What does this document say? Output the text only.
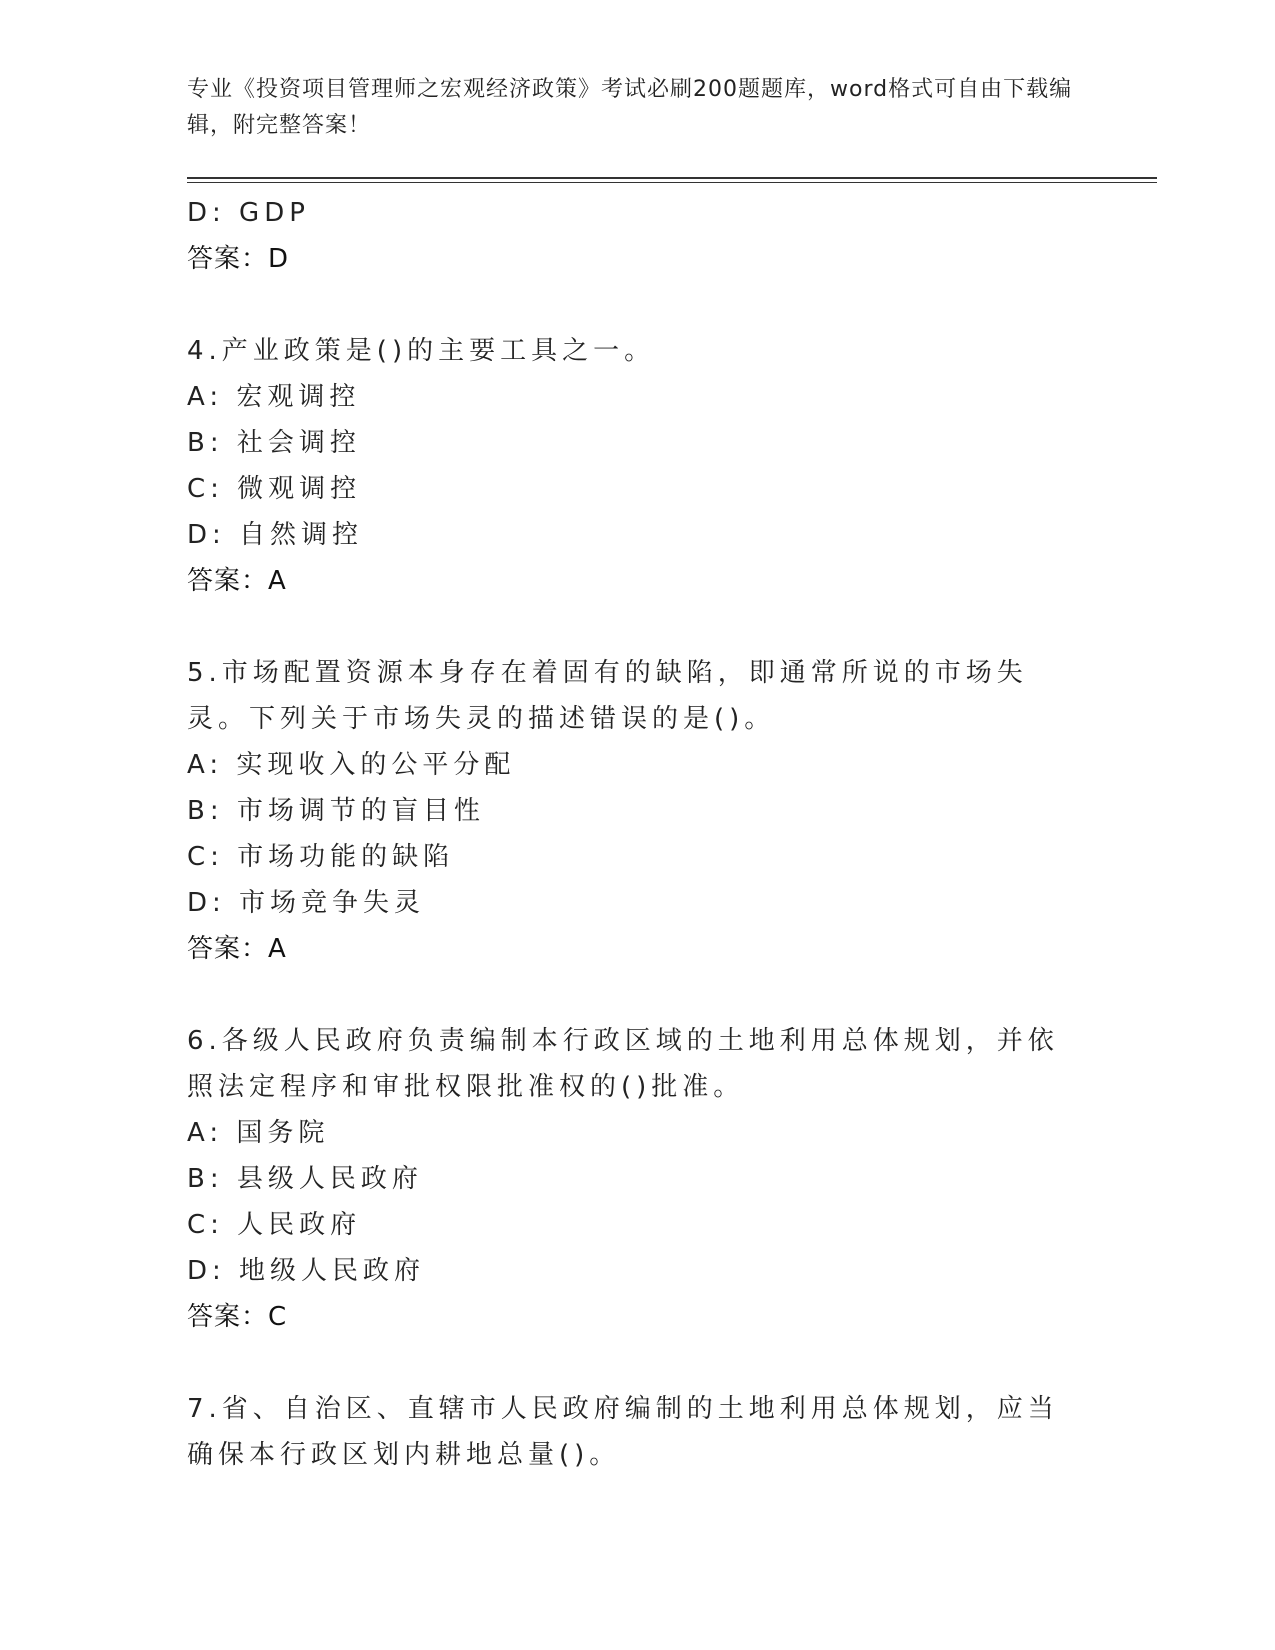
专业《投资项目管理师之宏观经济政策》考试必刷200题题库，word格式可自由下载编辑，附完整答案！
D: GDP
答案：D
4.产业政策是()的主要工具之一。
A: 宏观调控
B: 社会调控
C: 微观调控
D: 自然调控
答案：A
5.市场配置资源本身存在着固有的缺陷，即通常所说的市场失灵。下列关于市场失灵的描述错误的是()。
A: 实现收入的公平分配
B: 市场调节的盲目性
C: 市场功能的缺陷
D: 市场竞争失灵
答案：A
6.各级人民政府负责编制本行政区域的土地利用总体规划，并依照法定程序和审批权限批准权的()批准。
A: 国务院
B: 县级人民政府
C: 人民政府
D: 地级人民政府
答案：C
7.省、自治区、直辖市人民政府编制的土地利用总体规划，应当确保本行政区划内耕地总量()。
